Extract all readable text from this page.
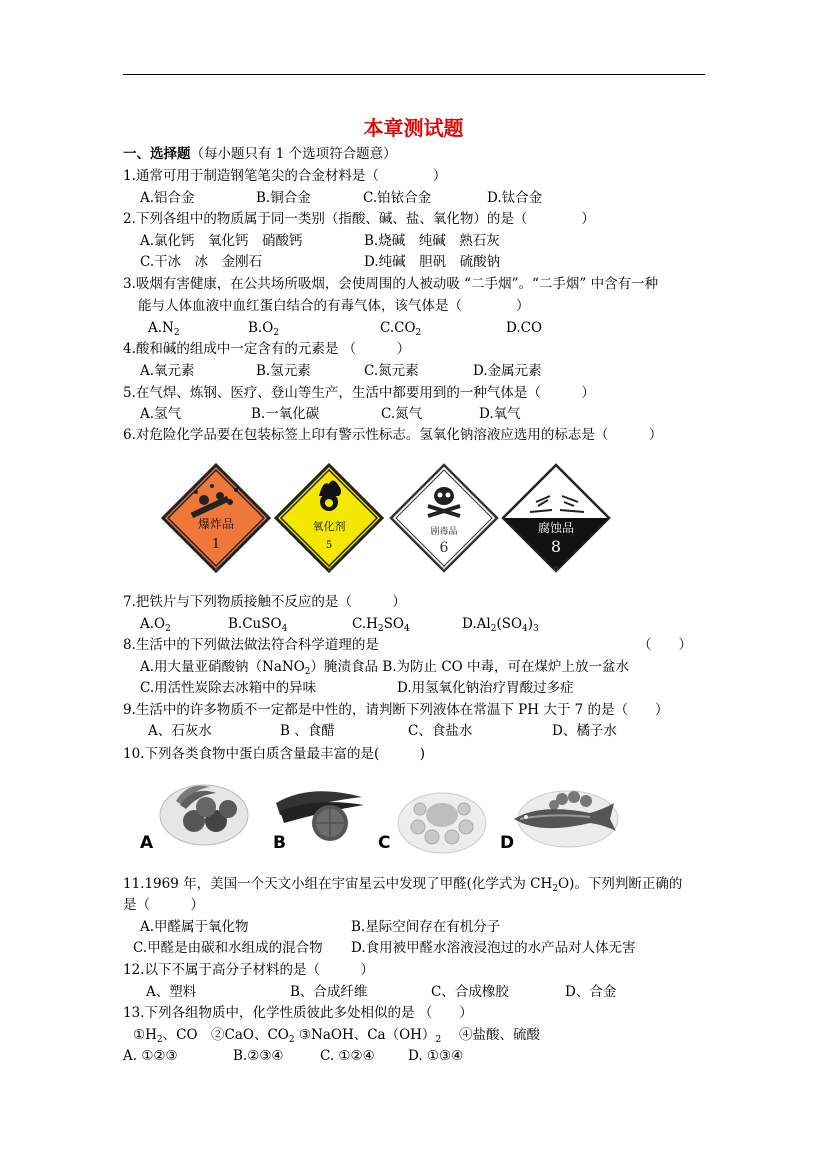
本章测试题
一、选择题（每小题只有 1 个选项符合题意）
1.通常可用于制造钢笔笔尖的合金材料是（　　　　）
A.铝合金	B.铜合金	C.铂铱合金	D.钛合金
2.下列各组中的物质属于同一类别（指酸、碱、盐、氧化物）的是（　　　　）
A.氯化钙　氧化钙　硝酸钙	B.烧碱　纯碱　熟石灰
C.干冰　冰　金刚石	D.纯碱　胆矾　硫酸钠
3.吸烟有害健康，在公共场所吸烟，会使周围的人被动吸 “二手烟”。“二手烟” 中含有一种
能与人体血液中血红蛋白结合的有毒气体，该气体是（　　　　）
$A.N_2$	$B.O_2$	$C.CO_2$	D.CO
4.酸和碱的组成中一定含有的元素是 （　　　）
A.氧元素	B.氢元素	C.氮元素	D.金属元素
5.在气焊、炼钢、医疗、登山等生产，生活中都要用到的一种气体是（　　　）
A.氢气	B.一氧化碳	C.氮气	D.氧气
6.对危险化学品要在包装标签上印有警示性标志。氢氧化钠溶液应选用的标志是（　　　）
爆炸品
1
氧化剂
5
剧毒品
6
腐蚀品
8
A	B	C	D
7.把铁片与下列物质接触不反应的是（　　　）
$A.O_2$	B.CuSO$_4$	$C.H_2SO_4$	$D.Al_2(SO_4)_3$
8.生活中的下列做法做法符合科学道理的是	（　　）
A.用大量亚硝酸钠（NaNO$_2$）腌渍食品 B.为防止 CO 中毒，可在煤炉上放一盆水
C.用活性炭除去冰箱中的异味	D.用氢氧化钠治疗胃酸过多症
9.生活中的许多物质不一定都是中性的，请判断下列液体在常温下 PH 大于 7 的是（　　）
A、石灰水	B 、食醋	C、食盐水	D、橘子水
10.下列各类食物中蛋白质含量最丰富的是(　　　)
A	B	C	D
11.1969 年，美国一个天文小组在宇宙星云中发现了甲醛(化学式为 $CH_2O$)。下列判断正确的
是（　　　）
A.甲醛属于氧化物	B.星际空间存在有机分子
C.甲醛是由碳和水组成的混合物 D.食用被甲醛水溶液浸泡过的水产品对人体无害
12.以下不属于高分子材料的是（　　　）
A、塑料	B、合成纤维	C、合成橡胶	D、合金
13.下列各组物质中，化学性质彼此多处相似的是 （　　）
$①H_2$、CO　 ②CaO、$CO_2$ ③NaOH、$Ca(OH)_2$　 ④盐酸、硫酸
A. ①②③	B.②③④	C. ①②④ D. ①③④
